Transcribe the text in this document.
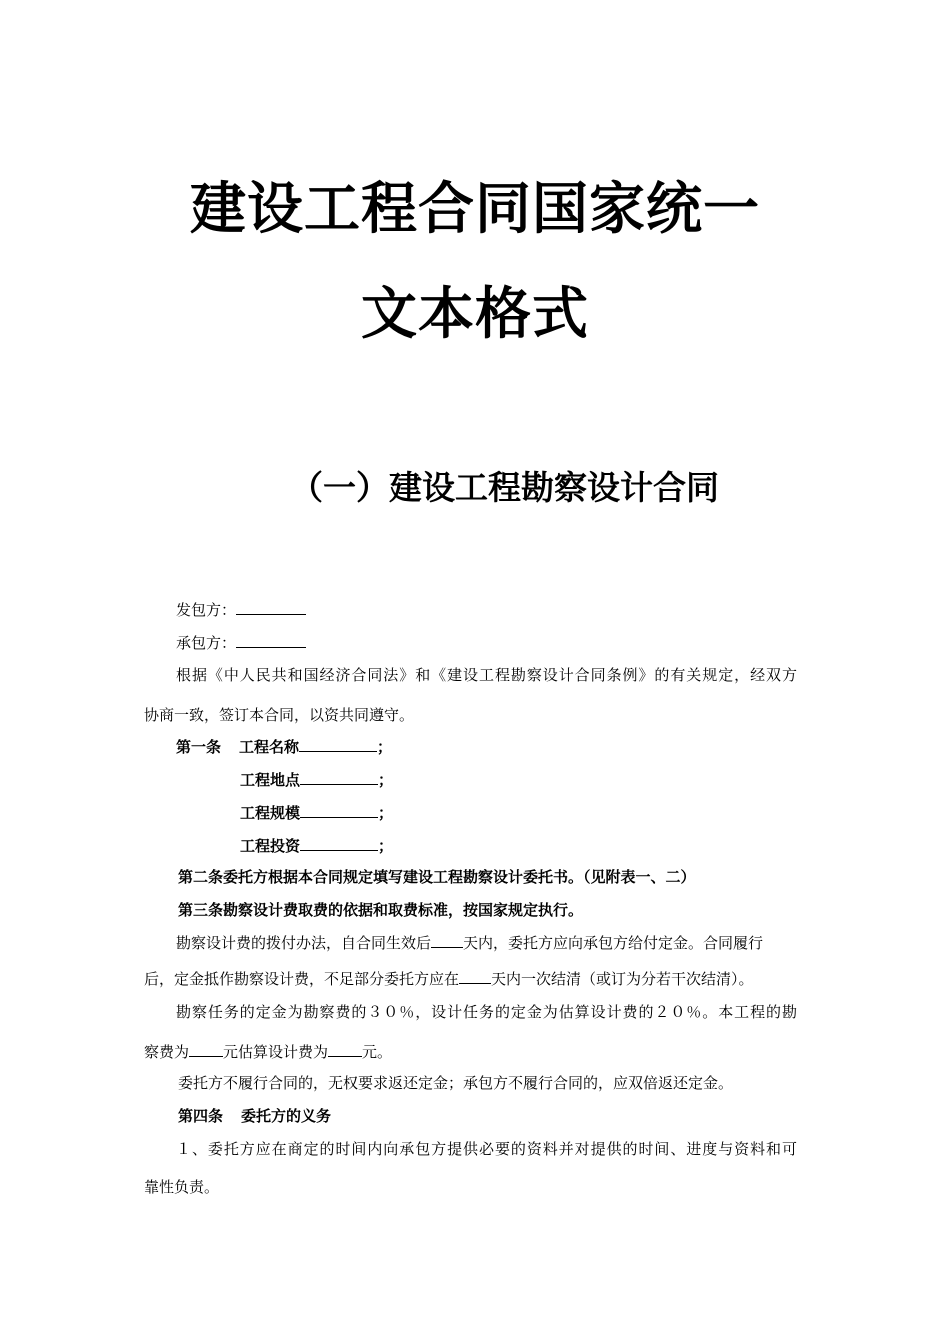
建设工程合同国家统一
文本格式
（一）建设工程勘察设计合同
发包方：
承包方：
根据《中人民共和国经济合同法》和《建设工程勘察设计合同条例》的有关规定，经双方
协商一致，签订本合同，以资共同遵守。
第一条 工程名称	；
工程地点	；
工程规模	；
工程投资	；
第二条委托方根据本合同规定填写建设工程勘察设计委托书。（见附表一、二）
第三条勘察设计费取费的依据和取费标准，按国家规定执行。
勘察设计费的拨付办法，自合同生效后 天内，委托方应向承包方给付定金。合同履行
后，定金抵作勘察设计费，不足部分委托方应在 天内一次结清（或订为分若干次结清）。
勘察任务的定金为勘察费的３０％，设计任务的定金为估算设计费的２０％。本工程的勘
察费为 元估算设计费为 元。
委托方不履行合同的，无权要求返还定金；承包方不履行合同的，应双倍返还定金。
第四条 委托方的义务
１、委托方应在商定的时间内向承包方提供必要的资料并对提供的时间、进度与资料和可
靠性负责。
